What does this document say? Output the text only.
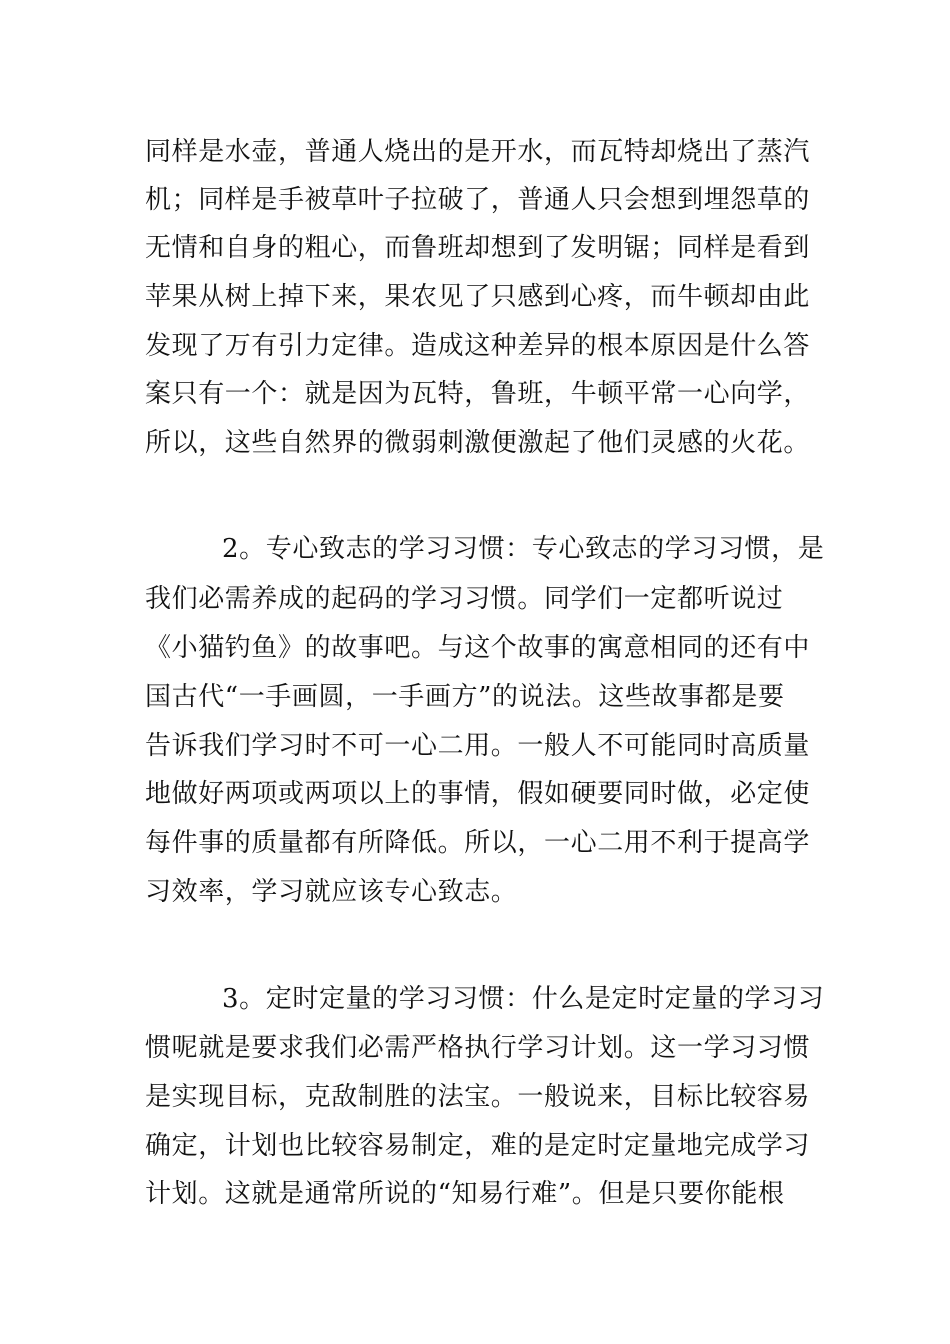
同样是水壶，普通人烧出的是开水，而瓦特却烧出了蒸汽
机；同样是手被草叶子拉破了，普通人只会想到埋怨草的
无情和自身的粗心，而鲁班却想到了发明锯；同样是看到
苹果从树上掉下来，果农见了只感到心疼，而牛顿却由此
发现了万有引力定律。造成这种差异的根本原因是什么答
案只有一个：就是因为瓦特，鲁班，牛顿平常一心向学，
所以，这些自然界的微弱刺激便激起了他们灵感的火花。
2。专心致志的学习习惯：专心致志的学习习惯，是
我们必需养成的起码的学习习惯。同学们一定都听说过
《小猫钓鱼》的故事吧。与这个故事的寓意相同的还有中
国古代“一手画圆，一手画方”的说法。这些故事都是要
告诉我们学习时不可一心二用。一般人不可能同时高质量
地做好两项或两项以上的事情，假如硬要同时做，必定使
每件事的质量都有所降低。所以，一心二用不利于提高学
习效率，学习就应该专心致志。
3。定时定量的学习习惯：什么是定时定量的学习习
惯呢就是要求我们必需严格执行学习计划。这一学习习惯
是实现目标，克敌制胜的法宝。一般说来，目标比较容易
确定，计划也比较容易制定，难的是定时定量地完成学习
计划。这就是通常所说的“知易行难”。但是只要你能根
